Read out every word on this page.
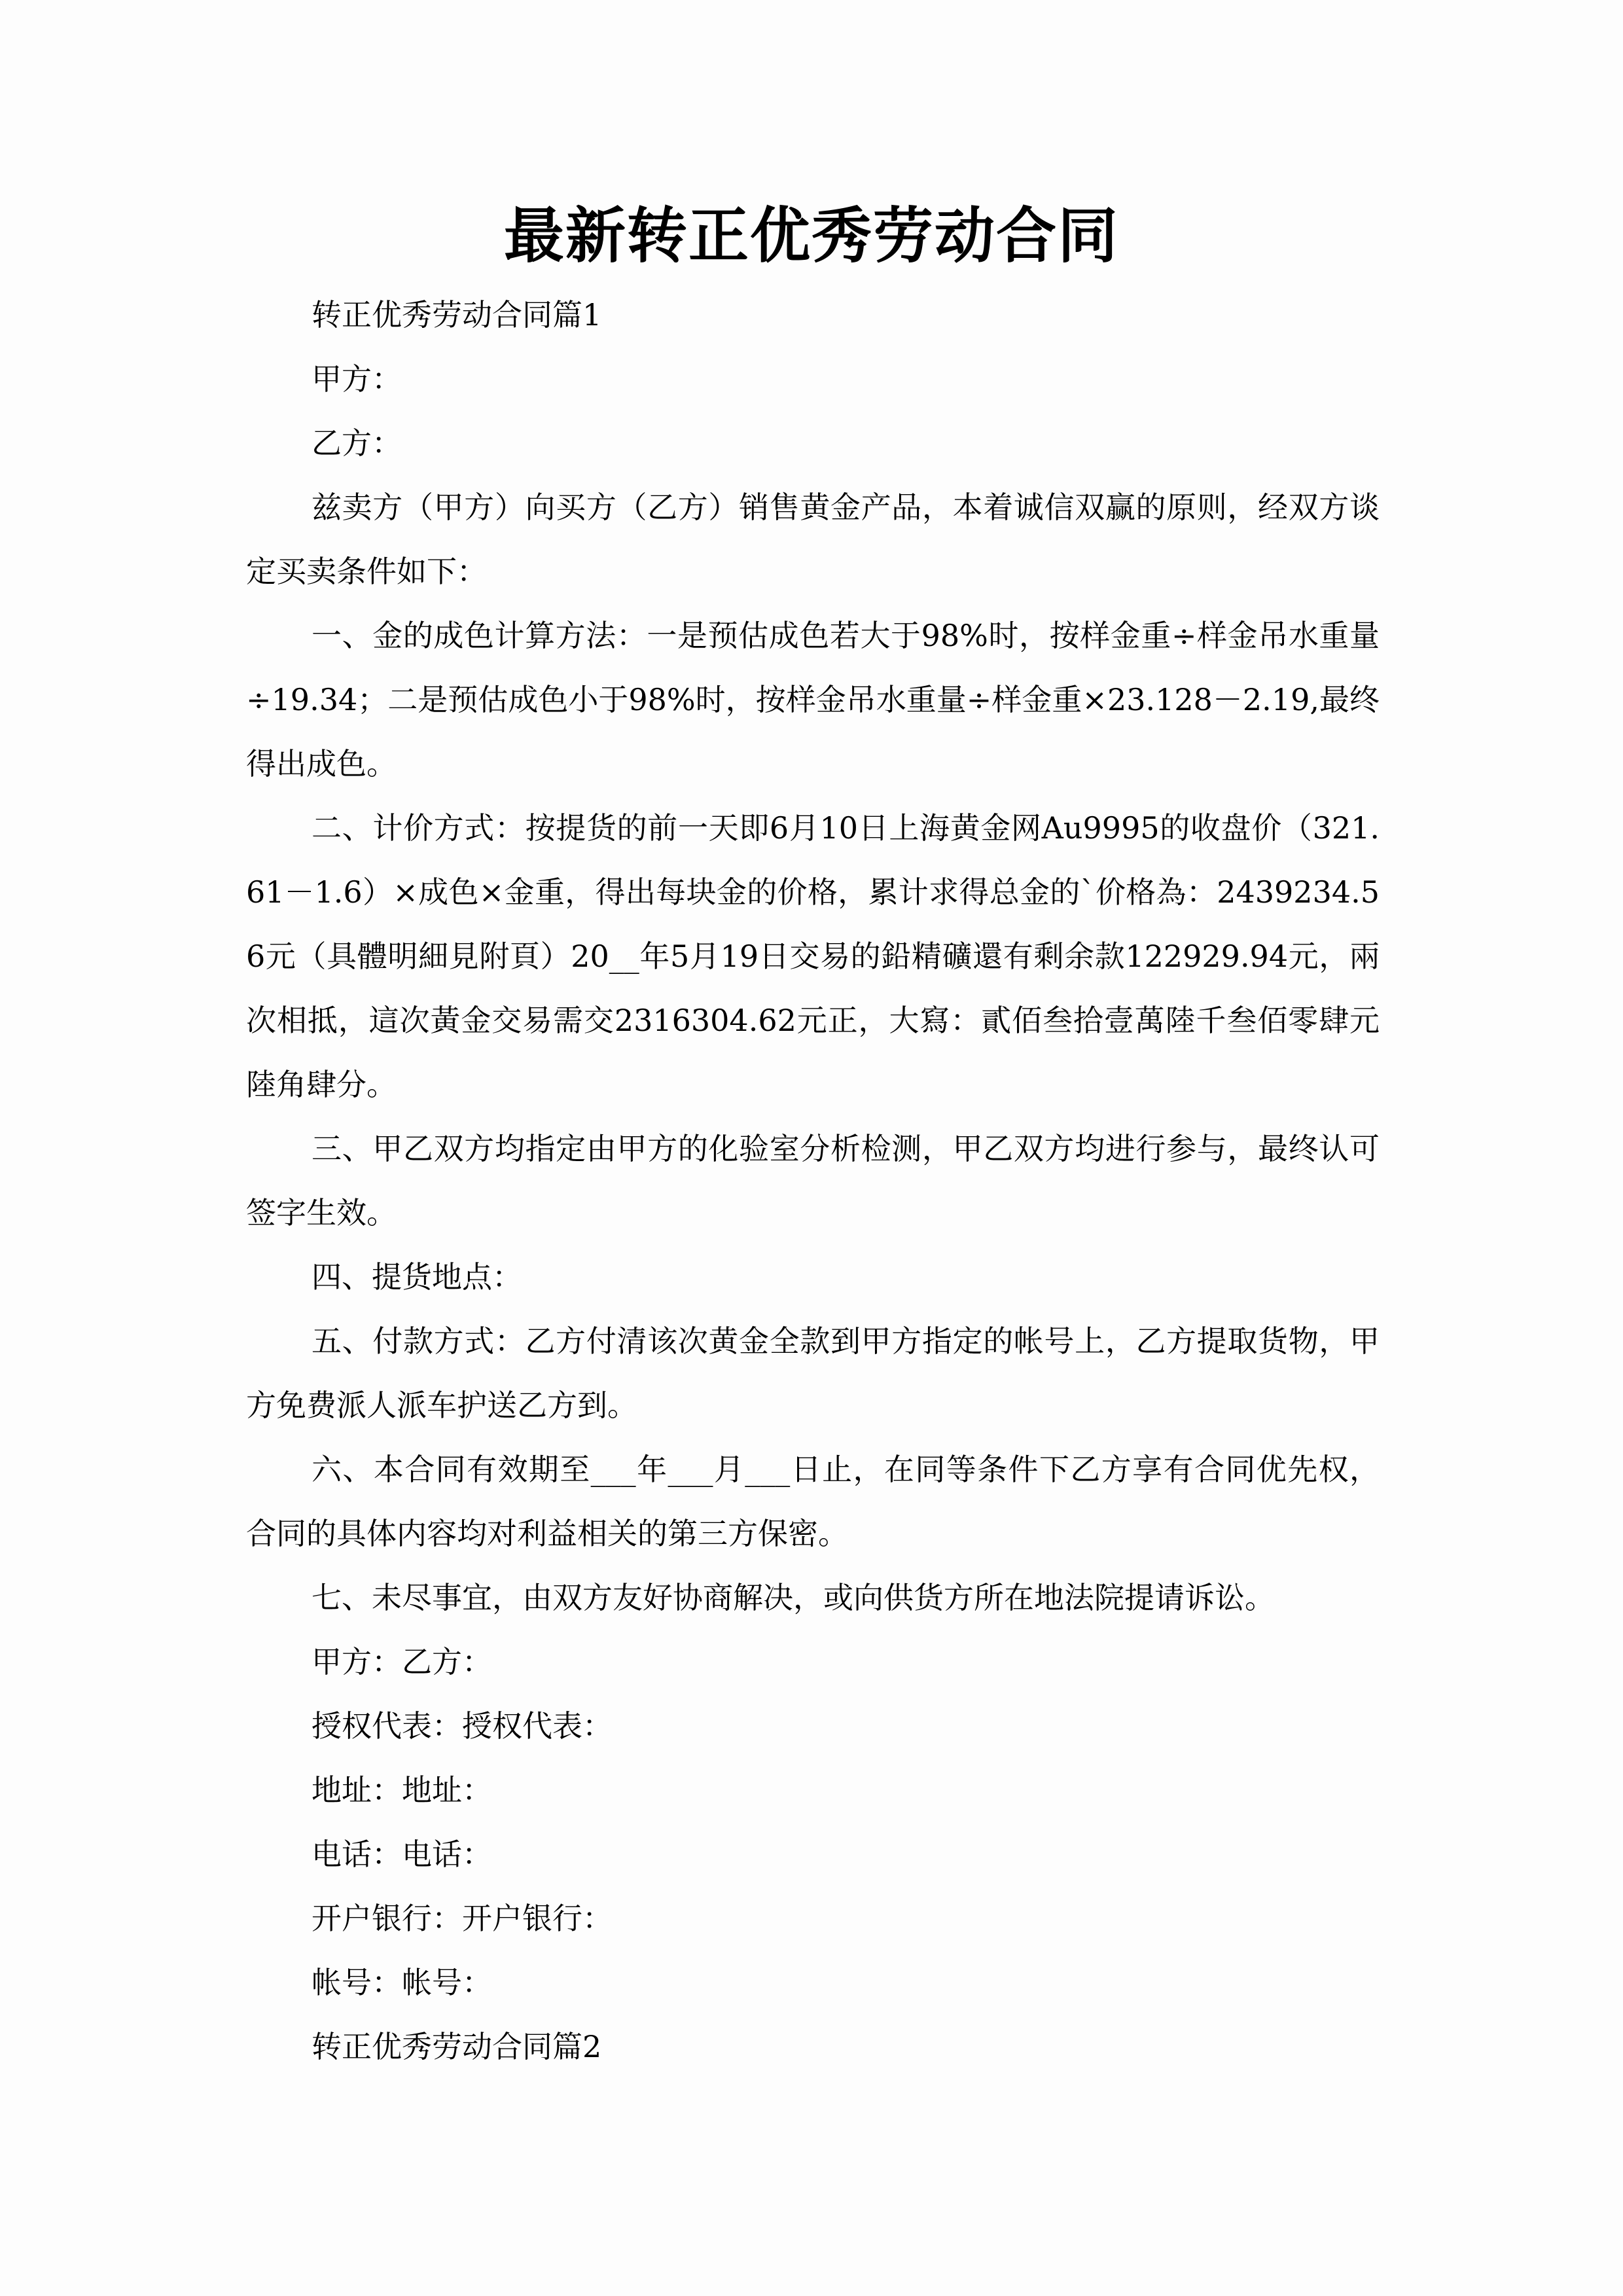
最新转正优秀劳动合同

转正优秀劳动合同篇1

甲方：

乙方：

兹卖方（甲方）向买方（乙方）销售黄金产品，本着诚信双赢的原则，经双方谈定买卖条件如下：

一、金的成色计算方法：一是预估成色若大于98%时，按样金重÷样金吊水重量÷19.34；二是预估成色小于98%时，按样金吊水重量÷样金重×23.128－2.19,最终得出成色。

二、计价方式：按提货的前一天即6月10日上海黄金网Au9995的收盘价（321.61－1.6）×成色×金重，得出每块金的价格，累计求得总金的`价格為：2439234.56元（具體明細見附頁）20__年5月19日交易的鉛精礦還有剩余款122929.94元，兩次相抵，這次黃金交易需交2316304.62元正，大寫：貳佰叁拾壹萬陸千叁佰零肆元陸角肆分。

三、甲乙双方均指定由甲方的化验室分析检测，甲乙双方均进行参与，最终认可签字生效。

四、提货地点：

五、付款方式：乙方付清该次黄金全款到甲方指定的帐号上，乙方提取货物，甲方免费派人派车护送乙方到。

六、本合同有效期至___年___月___日止，在同等条件下乙方享有合同优先权，合同的具体内容均对利益相关的第三方保密。

七、未尽事宜，由双方友好协商解决，或向供货方所在地法院提请诉讼。

甲方：乙方：

授权代表：授权代表：

地址：地址：

电话：电话：

开户银行：开户银行：

帐号：帐号：

转正优秀劳动合同篇2
